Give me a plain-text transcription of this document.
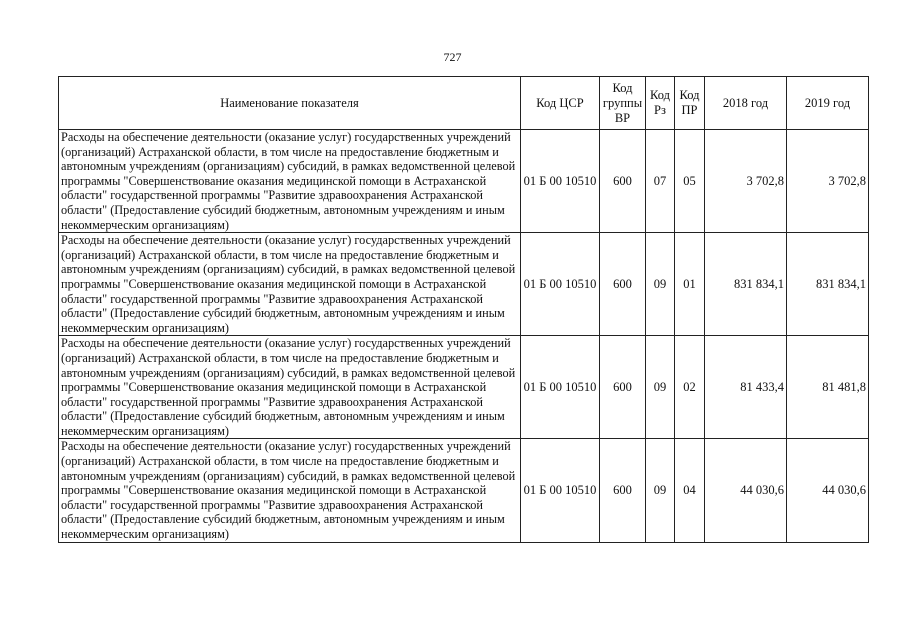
727
Наименование показателя	Код ЦСР	Код группы ВР	Код Рз	Код ПР	2018 год	2019 год
Расходы на обеспечение деятельности (оказание услуг) государственных учреждений (организаций) Астраханской области, в том числе на предоставление бюджетным и автономным учреждениям (организациям) субсидий, в рамках ведомственной целевой программы "Совершенствование оказания медицинской помощи в Астраханской области" государственной программы "Развитие здравоохранения Астраханской области" (Предоставление субсидий бюджетным, автономным учреждениям и иным некоммерческим организациям)	01 Б 00 10510	600	07	05	3 702,8	3 702,8
Расходы на обеспечение деятельности (оказание услуг) государственных учреждений (организаций) Астраханской области, в том числе на предоставление бюджетным и автономным учреждениям (организациям) субсидий, в рамках ведомственной целевой программы "Совершенствование оказания медицинской помощи в Астраханской области" государственной программы "Развитие здравоохранения Астраханской области" (Предоставление субсидий бюджетным, автономным учреждениям и иным некоммерческим организациям)	01 Б 00 10510	600	09	01	831 834,1	831 834,1
Расходы на обеспечение деятельности (оказание услуг) государственных учреждений (организаций) Астраханской области, в том числе на предоставление бюджетным и автономным учреждениям (организациям) субсидий, в рамках ведомственной целевой программы "Совершенствование оказания медицинской помощи в Астраханской области" государственной программы "Развитие здравоохранения Астраханской области" (Предоставление субсидий бюджетным, автономным учреждениям и иным некоммерческим организациям)	01 Б 00 10510	600	09	02	81 433,4	81 481,8
Расходы на обеспечение деятельности (оказание услуг) государственных учреждений (организаций) Астраханской области, в том числе на предоставление бюджетным и автономным учреждениям (организациям) субсидий, в рамках ведомственной целевой программы "Совершенствование оказания медицинской помощи в Астраханской области" государственной программы "Развитие здравоохранения Астраханской области" (Предоставление субсидий бюджетным, автономным учреждениям и иным некоммерческим организациям)	01 Б 00 10510	600	09	04	44 030,6	44 030,6
